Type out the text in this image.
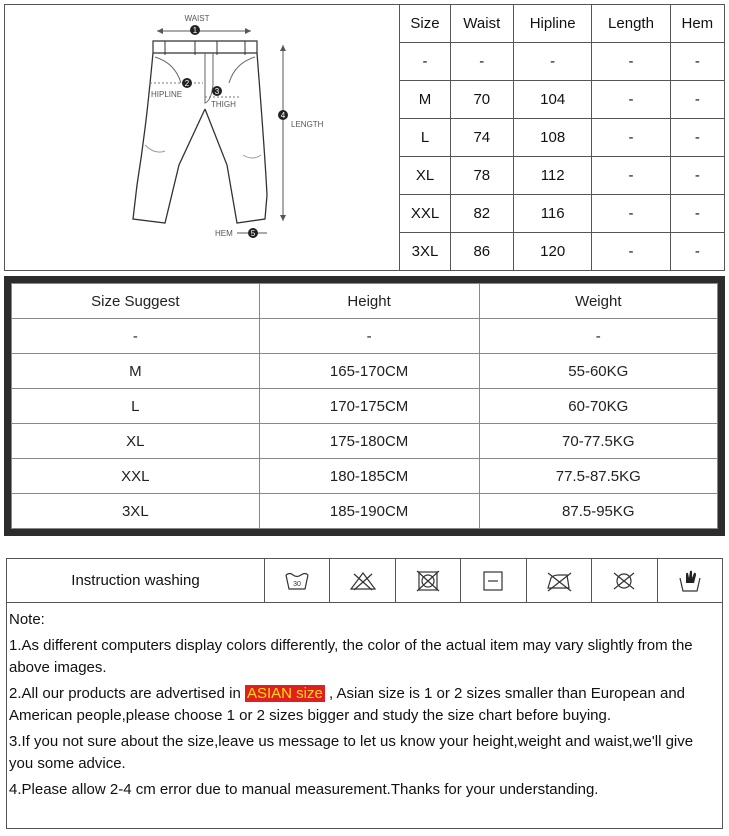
1
2
3
4
5
WAIST
HIPLINE
THIGH
LENGTH
HEM
Size	Waist	Hipline	Length	Hem
-	-	-	-	-
M	70	104	-	-
L	74	108	-	-
XL	78	112	-	-
XXL	82	116	-	-
3XL	86	120	-	-
Size Suggest	Height	Weight
-	-	-
M	165-170CM	55-60KG
L	170-175CM	60-70KG
XL	175-180CM	70-77.5KG
XXL	180-185CM	77.5-87.5KG
3XL	185-190CM	87.5-95KG
Instruction washing	30

Note:

1.As different computers display colors differently, the color of the actual item may vary slightly from the above images.

2.All our products are advertised in ASIAN size , Asian size is 1 or 2 sizes smaller than European and

American people,please choose 1 or 2 sizes bigger and study the size chart before buying.

3.If you not sure about the size,leave us message to let us know your height,weight and waist,we'll give you some advice.

4.Please allow 2-4 cm error due to manual measurement.Thanks for your understanding.
